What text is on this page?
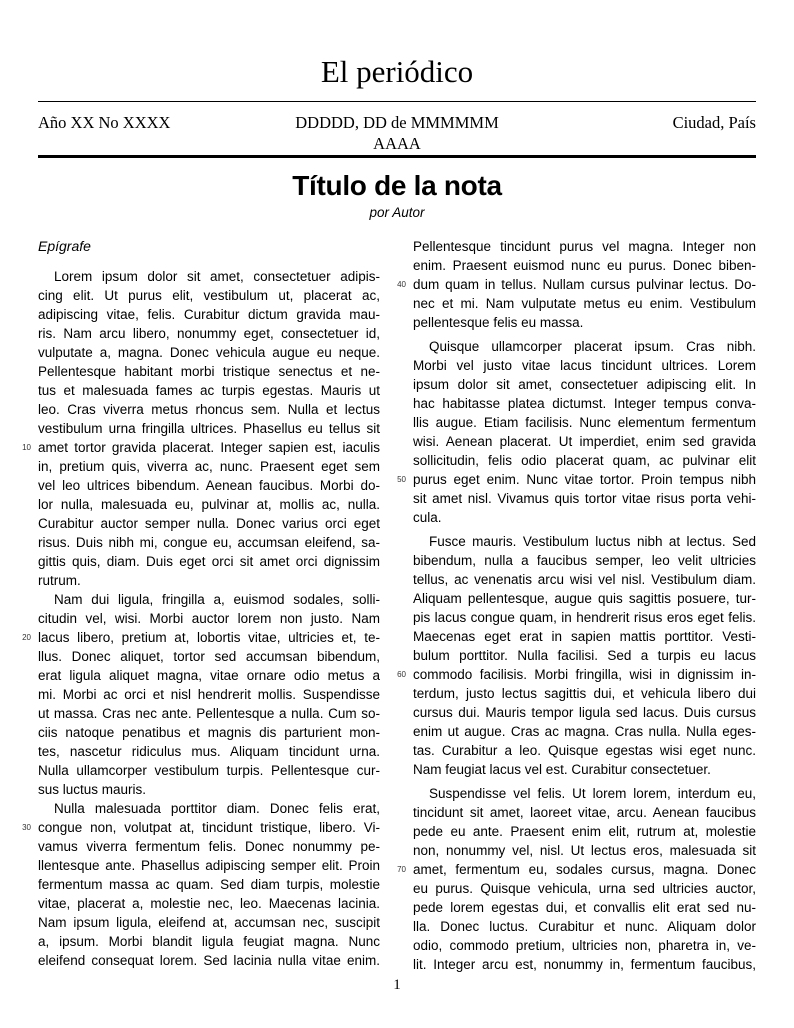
El periódico
Año XX No XXXX	DDDDD, DD de MMMMMM
AAAA
Ciudad, País
Título de la nota
por Autor
Epígrafe
Lorem ipsum dolor sit amet, consectetuer adipis-
cing elit. Ut purus elit, vestibulum ut, placerat ac,
adipiscing vitae, felis. Curabitur dictum gravida mau-
ris. Nam arcu libero, nonummy eget, consectetuer id,
vulputate a, magna. Donec vehicula augue eu neque.
Pellentesque habitant morbi tristique senectus et ne-
tus et malesuada fames ac turpis egestas. Mauris ut
leo. Cras viverra metus rhoncus sem. Nulla et lectus
vestibulum urna fringilla ultrices. Phasellus eu tellus sit
10 amet tortor gravida placerat. Integer sapien est, iaculis
in, pretium quis, viverra ac, nunc. Praesent eget sem
vel leo ultrices bibendum. Aenean faucibus. Morbi do-
lor nulla, malesuada eu, pulvinar at, mollis ac, nulla.
Curabitur auctor semper nulla. Donec varius orci eget
risus. Duis nibh mi, congue eu, accumsan eleifend, sa-
gittis quis, diam. Duis eget orci sit amet orci dignissim
rutrum.
Nam dui ligula, fringilla a, euismod sodales, solli-
citudin vel, wisi. Morbi auctor lorem non justo. Nam
20 lacus libero, pretium at, lobortis vitae, ultricies et, te-
llus. Donec aliquet, tortor sed accumsan bibendum,
erat ligula aliquet magna, vitae ornare odio metus a
mi. Morbi ac orci et nisl hendrerit mollis. Suspendisse
ut massa. Cras nec ante. Pellentesque a nulla. Cum so-
ciis natoque penatibus et magnis dis parturient mon-
tes, nascetur ridiculus mus. Aliquam tincidunt urna.
Nulla ullamcorper vestibulum turpis. Pellentesque cur-
sus luctus mauris.
Nulla malesuada porttitor diam. Donec felis erat,
30 congue non, volutpat at, tincidunt tristique, libero. Vi-
vamus viverra fermentum felis. Donec nonummy pe-
llentesque ante. Phasellus adipiscing semper elit. Proin
fermentum massa ac quam. Sed diam turpis, molestie
vitae, placerat a, molestie nec, leo. Maecenas lacinia.
Nam ipsum ligula, eleifend at, accumsan nec, suscipit
a, ipsum. Morbi blandit ligula feugiat magna. Nunc
eleifend consequat lorem. Sed lacinia nulla vitae enim.
Pellentesque tincidunt purus vel magna. Integer non
enim. Praesent euismod nunc eu purus. Donec biben-
40 dum quam in tellus. Nullam cursus pulvinar lectus. Do-
nec et mi. Nam vulputate metus eu enim. Vestibulum
pellentesque felis eu massa.
Quisque ullamcorper placerat ipsum. Cras nibh.
Morbi vel justo vitae lacus tincidunt ultrices. Lorem
ipsum dolor sit amet, consectetuer adipiscing elit. In
hac habitasse platea dictumst. Integer tempus conva-
llis augue. Etiam facilisis. Nunc elementum fermentum
wisi. Aenean placerat. Ut imperdiet, enim sed gravida
sollicitudin, felis odio placerat quam, ac pulvinar elit
50 purus eget enim. Nunc vitae tortor. Proin tempus nibh
sit amet nisl. Vivamus quis tortor vitae risus porta vehi-
cula.
Fusce mauris. Vestibulum luctus nibh at lectus. Sed
bibendum, nulla a faucibus semper, leo velit ultricies
tellus, ac venenatis arcu wisi vel nisl. Vestibulum diam.
Aliquam pellentesque, augue quis sagittis posuere, tur-
pis lacus congue quam, in hendrerit risus eros eget felis.
Maecenas eget erat in sapien mattis porttitor. Vesti-
bulum porttitor. Nulla facilisi. Sed a turpis eu lacus
60 commodo facilisis. Morbi fringilla, wisi in dignissim in-
terdum, justo lectus sagittis dui, et vehicula libero dui
cursus dui. Mauris tempor ligula sed lacus. Duis cursus
enim ut augue. Cras ac magna. Cras nulla. Nulla eges-
tas. Curabitur a leo. Quisque egestas wisi eget nunc.
Nam feugiat lacus vel est. Curabitur consectetuer.
Suspendisse vel felis. Ut lorem lorem, interdum eu,
tincidunt sit amet, laoreet vitae, arcu. Aenean faucibus
pede eu ante. Praesent enim elit, rutrum at, molestie
non, nonummy vel, nisl. Ut lectus eros, malesuada sit
70 amet, fermentum eu, sodales cursus, magna. Donec
eu purus. Quisque vehicula, urna sed ultricies auctor,
pede lorem egestas dui, et convallis elit erat sed nu-
lla. Donec luctus. Curabitur et nunc. Aliquam dolor
odio, commodo pretium, ultricies non, pharetra in, ve-
lit. Integer arcu est, nonummy in, fermentum faucibus,
1
